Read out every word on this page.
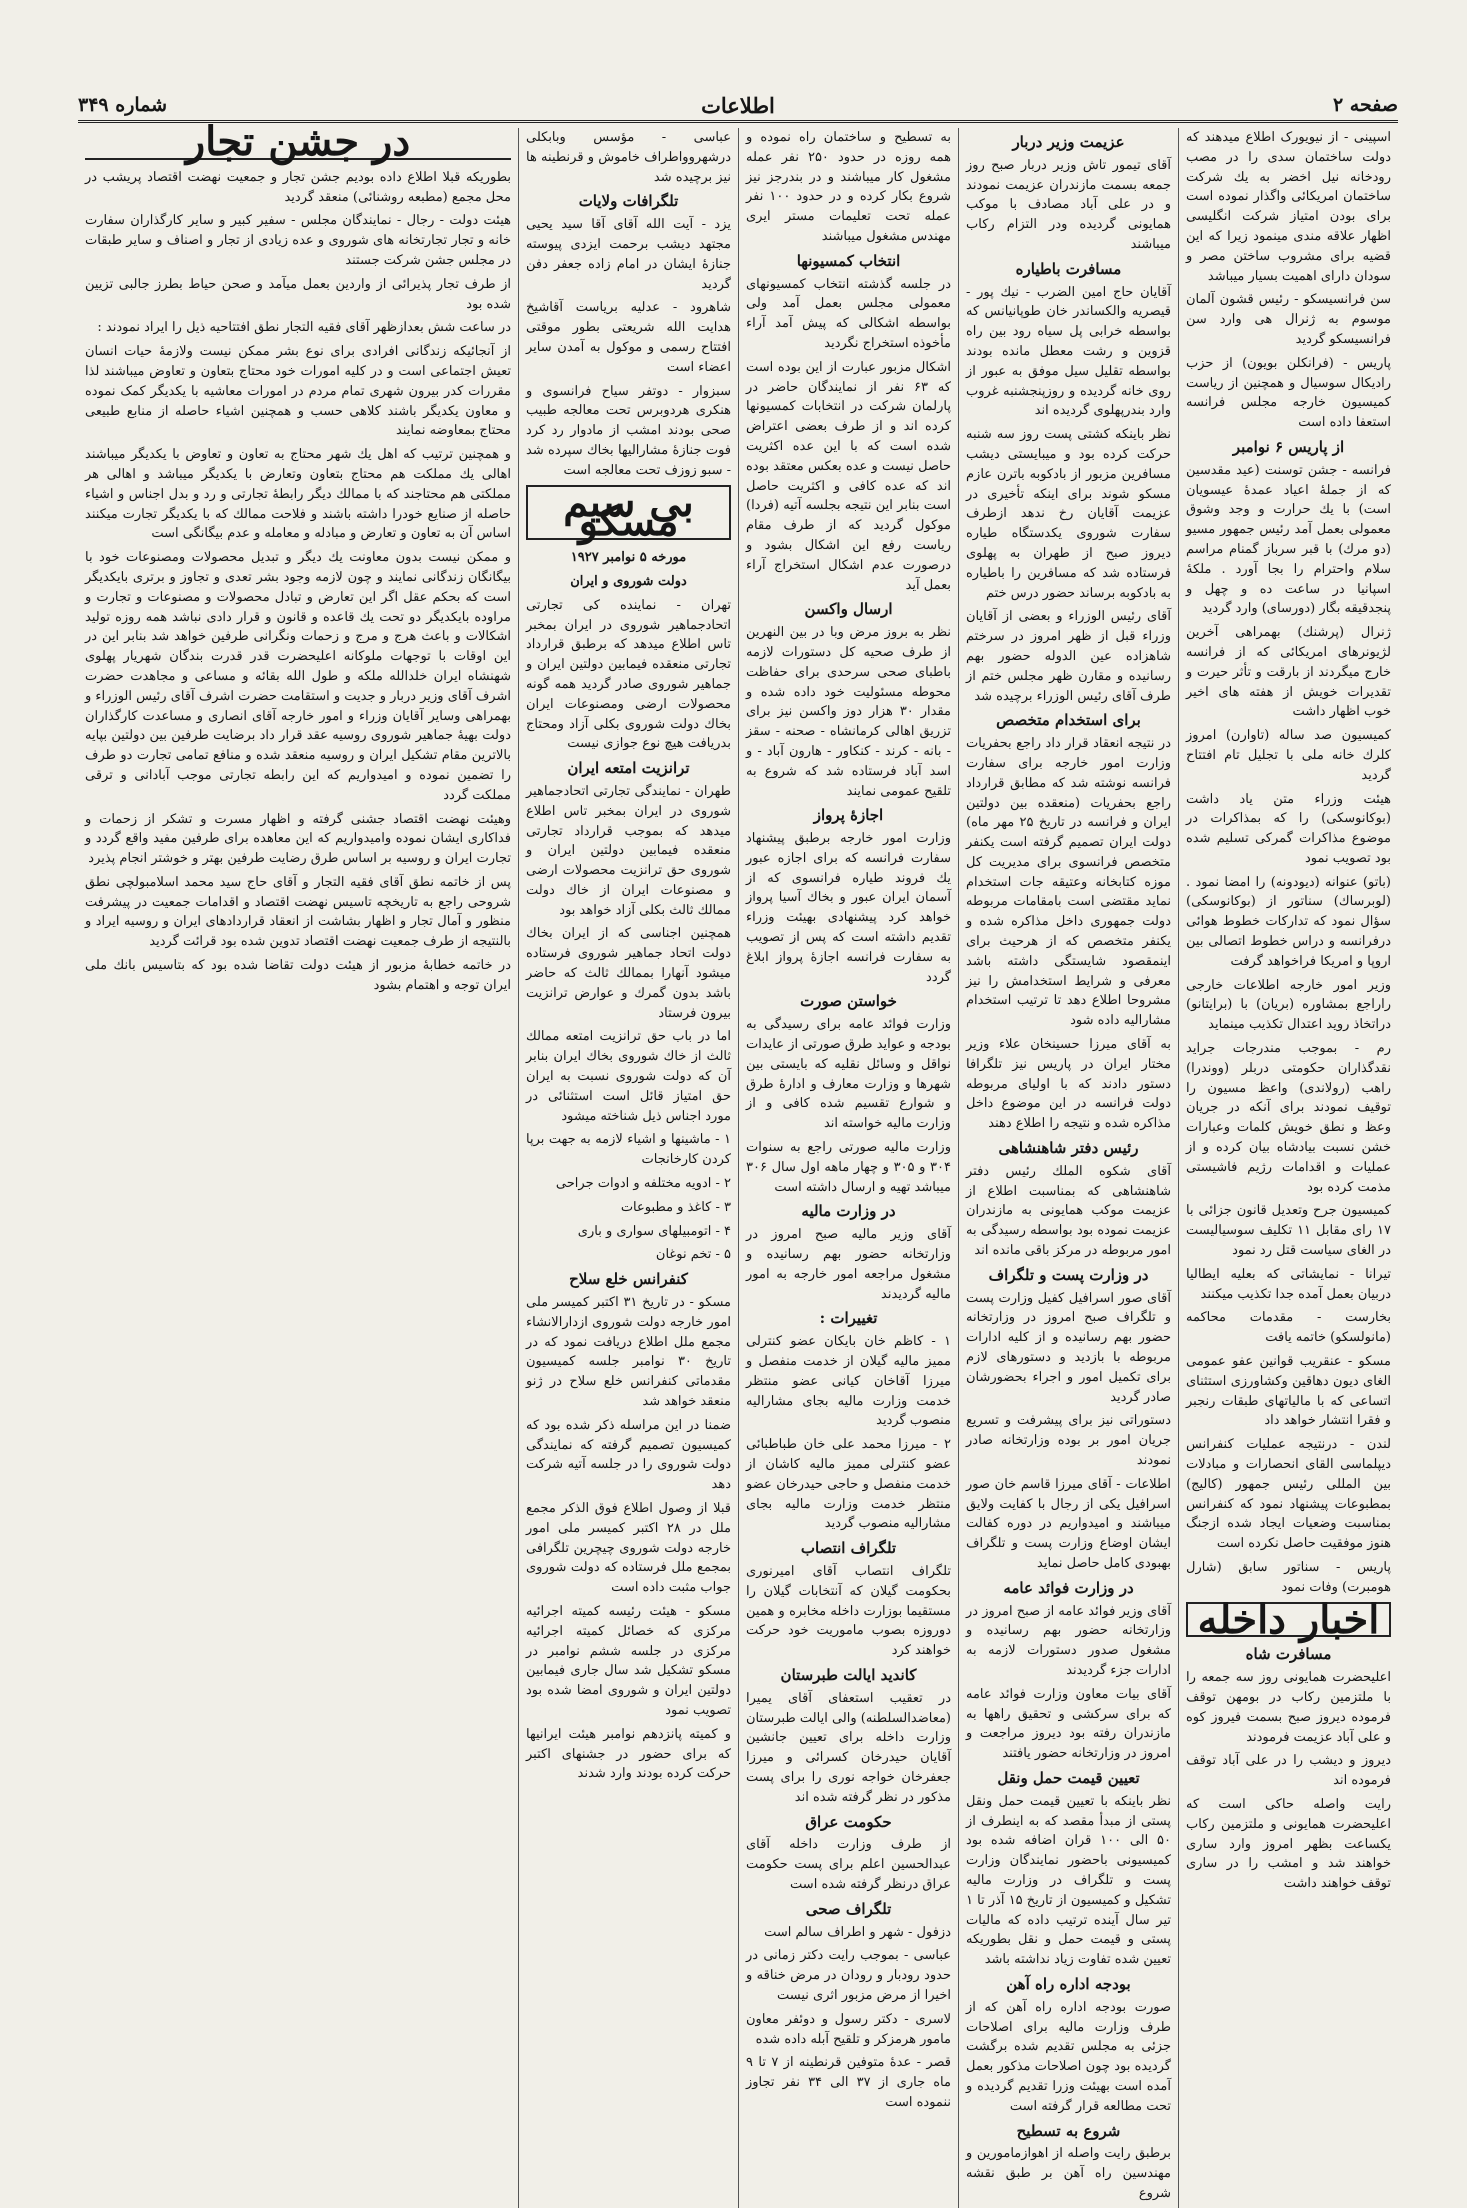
صفحه ۲
اطلاعات
شماره ۳۴۹

اسپینی - از نیویورک اطلاع میدهند که دولت ساختمان سدی را در مصب رودخانه نیل اخضر به یك شرکت ساختمان امریکائی واگذار نموده است برای بودن امتیاز شرکت انگلیسی اظهار علاقه مندی مینمود زیرا که این قضیه برای مشروب ساختن مصر و سودان دارای اهمیت بسیار میباشد

سن فرانسیسکو - رئیس قشون آلمان موسوم به ژنرال هی وارد سن فرانسیسکو گردید

پاریس - (فرانکلن بویون) از حزب رادیکال سوسیال و همچنین از ریاست کمیسیون خارجه مجلس فرانسه استعفا داده است

از پاریس ۶ نوامبر

فرانسه - جشن توسنت (عید مقدسین که از جملهٔ اعیاد عمدهٔ عیسویان است) با یك حرارت و وجد وشوق معمولی بعمل آمد رئیس جمهور مسیو (دو مرك) با قبر سرباز گمنام مراسم سلام واحترام را بجا آورد . ملکهٔ اسپانیا در ساعت ده و چهل و پنجدقیقه بگار (دورسای) وارد گردید

ژنرال (پرشنك) بهمراهی آخرین لژیونرهای امریکائی که از فرانسه خارج میگردند از بارقت و تأثر حیرت و تقدیرات خویش از هفته های اخیر خوب اظهار داشت

کمیسیون صد ساله (تاوارن) امروز کلرك خانه ملی با تجلیل تام افتتاح گردید

هیئت وزراء متن یاد داشت (بوکانوسکی) را که بمذاکرات در موضوع مذاکرات گمرکی تسلیم شده بود تصویب نمود

(باتو) عنوانه (دیودونه) را امضا نمود . (لوبرساك) سناتور از (بوکانوسکی) سؤال نمود که تدارکات خطوط هوائی درفرانسه و دراس خطوط اتصالی بین اروپا و امریکا فراخواهد گرفت

وزیر امور خارجه اطلاعات خارجی راراجع بمشاوره (بریان) با (برایتانو) دراتخاذ روید اعتدال تکذیب مینماید

رم - بموجب مندرجات جراید نقدگذاران حکومتی دربلر (ووندرا) راهب (رولاندی) واعظ مسیون را توقیف نمودند برای آنکه در جریان وعظ و نطق خویش کلمات وعبارات خشن نسبت بیادشاه بیان کرده و از عملیات و اقدامات رژیم فاشیستی مذمت کرده بود

کمیسیون جرح وتعدیل قانون جزائی با ۱۷ رای مقابل ۱۱ تکلیف سوسیالیست در الغای سیاست قتل رد نمود

تیرانا - نمایشاتی که بعلیه ایطالیا دربیان بعمل آمده جدا تکذیب میکنند

بخارست - مقدمات محاکمه (مانولسکو) خاتمه یافت

مسکو - عنقریب قوانین عفو عمومی الغای دیون دهاقین وکشاورزی استثنای اتساعی که با مالیاتهای طبقات رنجبر و فقرا انتشار خواهد داد

لندن - درنتیجه عملیات کنفرانس دیپلماسی القای انحصارات و مبادلات بین المللی رئیس جمهور (کالیج) بمطبوعات پیشنهاد نمود که کنفرانس بمناسبت وضعیات ایجاد شده ازجنگ هنوز موفقیت حاصل نکرده است

پاریس - سناتور سابق (شارل هومبرت) وفات نمود

اخبار داخله
مسافرت شاه

اعلیحضرت همایونی روز سه جمعه را با ملتزمین رکاب در بومهن توقف فرموده دیروز صبح بسمت فیروز کوه و علی آباد عزیمت فرمودند

دیروز و دیشب را در علی آباد توقف فرموده اند

رایت واصله حاکی است که اعلیحضرت همایونی و ملتزمین رکاب یکساعت بظهر امروز وارد ساری خواهند شد و امشب را در ساری توقف خواهند داشت

عزیمت وزیر دربار

آقای تیمور تاش وزیر دربار صبح روز جمعه بسمت مازندران عزیمت نمودند و در علی آباد مصادف با موکب همایونی گردیده ودر التزام رکاب میباشند

مسافرت باطیاره

آقایان حاج امین الضرب - نیك پور - قیصریه والکساندر خان طوپانیانس که بواسطه خرابی پل سیاه رود بین راه قزوین و رشت معطل مانده بودند بواسطه تقلیل سیل موفق به عبور از روی خانه گردیده و روزپنجشنبه غروب وارد بندرپهلوی گردیده اند

نظر باینکه کشتی پست روز سه شنبه حرکت کرده بود و میبایستی دیشب مسافرین مزبور از بادکوبه باترن عازم مسکو شوند برای اینکه تأخیری در عزیمت آقایان رخ ندهد ازطرف سفارت شوروی یکدستگاه طیاره دیروز صبح از طهران به پهلوی فرستاده شد که مسافرین را باطیاره به بادکوبه برساند حضور درس ختم

آقای رئیس الوزراء و بعضی از آقایان وزراء قبل از ظهر امروز در سرختم شاهزاده عین الدوله حضور بهم رسانیده و مقارن ظهر مجلس ختم از طرف آقای رئیس الوزراء برچیده شد

برای استخدام متخصص

در نتیجه انعقاد قرار داد راجع بحفریات وزارت امور خارجه برای سفارت فرانسه نوشته شد که مطابق قرارداد راجع بحفریات (منعقده بین دولتین ایران و فرانسه در تاریخ ۲۵ مهر ماه) دولت ایران تصمیم گرفته است یکنفر متخصص فرانسوی برای مدیریت کل موزه کتابخانه وعتیقه جات استخدام نماید مقتضی است بامقامات مربوطه دولت جمهوری داخل مذاکره شده و یکنفر متخصص که از هرحیث برای اینمقصود شایستگی داشته باشد معرفی و شرایط استخدامش را نیز مشروحا اطلاع دهد تا ترتیب استخدام مشارالیه داده شود

به آقای میرزا حسینخان علاء وزیر مختار ایران در پاریس نیز تلگرافا دستور دادند که با اولیای مربوطه دولت فرانسه در این موضوع داخل مذاکره شده و نتیجه را اطلاع دهند

رئیس دفتر شاهنشاهی

آقای شکوه الملك رئیس دفتر شاهنشاهی که بمناسبت اطلاع از عزیمت موکب همایونی به مازندران عزیمت نموده بود بواسطه رسیدگی به امور مربوطه در مرکز باقی مانده اند

در وزارت پست و تلگراف

آقای صور اسرافیل کفیل وزارت پست و تلگراف صبح امروز در وزارتخانه حضور بهم رسانیده و از کلیه ادارات مربوطه با بازدید و دستورهای لازم برای تکمیل امور و اجراء بحضورشان صادر گردید

دستوراتی نیز برای پیشرفت و تسریع جریان امور بر بوده وزارتخانه صادر نمودند

اطلاعات - آقای میرزا قاسم خان صور اسرافیل یکی از رجال با کفایت ولایق میباشند و امیدواریم در دوره کفالت ایشان اوضاع وزارت پست و تلگراف بهبودی کامل حاصل نماید

در وزارت فوائد عامه

آقای وزیر فوائد عامه از صبح امروز در وزارتخانه حضور بهم رسانیده و مشغول صدور دستورات لازمه به ادارات جزء گردیدند

آقای بیات معاون وزارت فوائد عامه که برای سرکشی و تحقیق راهها به مازندران رفته بود دیروز مراجعت و امروز در وزارتخانه حضور یافتند

تعیین قیمت حمل ونقل

نظر باینکه با تعیین قیمت حمل ونقل پستی از مبدأ مقصد که به اینطرف از ۵۰ الی ۱۰۰ قران اضافه شده بود کمیسیونی باحضور نمایندگان وزارت پست و تلگراف در وزارت مالیه تشکیل و کمیسیون از تاریخ ۱۵ آذر تا ۱ تیر سال آینده ترتیب داده که مالیات پستی و قیمت حمل و نقل بطوریکه تعیین شده تفاوت زیاد نداشته باشد

بودجه اداره راه آهن

صورت بودجه اداره راه آهن که از طرف وزارت مالیه برای اصلاحات جزئی به مجلس تقدیم شده برگشت گردیده بود چون اصلاحات مذکور بعمل آمده است بهیئت وزرا تقدیم گردیده و تحت مطالعه قرار گرفته است

شروع به تسطیح

برطبق رایت واصله از اهوازمامورین و مهندسین راه آهن بر طبق نقشه شروع

به تسطیح و ساختمان راه نموده و همه روزه در حدود ۲۵۰ نفر عمله مشغول کار میباشند و در بندرجز نیز شروع بکار کرده و در حدود ۱۰۰ نفر عمله تحت تعلیمات مستر ایری مهندس مشغول میباشند

انتخاب کمسیونها

در جلسه گذشته انتخاب کمسیونهای معمولی مجلس بعمل آمد ولی بواسطه اشکالی که پیش آمد آراء مأخوذه استخراج نگردید

اشکال مزبور عبارت از این بوده است که ۶۳ نفر از نمایندگان حاضر در پارلمان شرکت در انتخابات کمسیونها کرده اند و از طرف بعضی اعتراض شده است که با این عده اکثریت حاصل نیست و عده بعکس معتقد بوده اند که عده کافی و اکثریت حاصل است بنابر این نتیجه بجلسه آتیه (فردا) موکول گردید که از طرف مقام ریاست رفع این اشکال بشود و درصورت عدم اشکال استخراج آراء بعمل آید

ارسال واکسن

نظر به بروز مرض وبا در بین النهرین از طرف صحیه کل دستورات لازمه باطبای صحی سرحدی برای حفاظت محوطه مسئولیت خود داده شده و مقدار ۳۰ هزار دوز واکسن نیز برای تزریق اهالی کرمانشاه - صحنه - سقز - بانه - کرند - کنکاور - هارون آباد - و اسد آباد فرستاده شد که شروع به تلقیح عمومی نمایند

اجازهٔ پرواز

وزارت امور خارجه برطبق پیشنهاد سفارت فرانسه که برای اجازه عبور یك فروند طیاره فرانسوی که از آسمان ایران عبور و بخاك آسیا پرواز خواهد کرد پیشنهادی بهیئت وزراء تقدیم داشته است که پس از تصویب به سفارت فرانسه اجازهٔ پرواز ابلاغ گردد

خواستن صورت

وزارت فوائد عامه برای رسیدگی به بودجه و عواید طرق صورتی از عایدات نواقل و وسائل نقلیه که بایستی بین شهرها و وزارت معارف و ادارهٔ طرق و شوارع تقسیم شده کافی و از وزارت مالیه خواسته اند

وزارت مالیه صورتی راجع به سنوات ۳۰۴ و ۳۰۵ و چهار ماهه اول سال ۳۰۶ میباشد تهیه و ارسال داشته است

در وزارت مالیه

آقای وزیر مالیه صبح امروز در وزارتخانه حضور بهم رسانیده و مشغول مراجعه امور خارجه به امور مالیه گردیدند

تغییرات :

۱ - کاظم خان بایکان عضو کنترلی ممیز مالیه گیلان از خدمت منفصل و میرزا آقاخان کیانی عضو منتظر خدمت وزارت مالیه بجای مشارالیه منصوب گردید

۲ - میرزا محمد علی خان طباطبائی عضو کنترلی ممیز مالیه کاشان از خدمت منفصل و حاجی حیدرخان عضو منتظر خدمت وزارت مالیه بجای مشارالیه منصوب گردید

تلگراف انتصاب

تلگراف انتصاب آقای امیرنوری بحکومت گیلان که آنتخابات گیلان را مستقیما بوزارت داخله مخابره و همین دوروزه بصوب ماموریت خود حرکت خواهند کرد

کاندید ایالت طبرستان

در تعقیب استعفای آقای یمیرا (معاضدالسلطنه) والی ایالت طبرستان وزارت داخله برای تعیین جانشین آقایان حیدرخان کسرائی و میرزا جعفرخان خواجه نوری را برای پست مذکور در نظر گرفته شده اند

حکومت عراق

از طرف وزارت داخله آقای عبدالحسین اعلم برای پست حکومت عراق درنظر گرفته شده است

تلگراف صحی

دزفول - شهر و اطراف سالم است

عباسی - بموجب رایت دکتر زمانی در حدود رودبار و رودان در مرض خناقه و اخیرا از مرض مزبور اثری نیست

لاسری - دکتر رسول و دوئفر معاون مامور هرمزکر و تلقیح آبله داده شده

قصر - عدهٔ متوفین قرنطینه از ۷ تا ۹ ماه جاری از ۳۷ الی ۳۴ نفر تجاوز ننموده است

عباسی - مؤسس وبابکلی درشهروواطراف خاموش و قرنطینه ها نیز برچیده شد

تلگرافات ولایات

یزد - آیت الله آقای آقا سید یحیی مجتهد دیشب برحمت ایزدی پیوسته جنازهٔ ایشان در امام زاده جعفر دفن گردید

شاهرود - عدلیه بریاست آقاشیخ هدایت الله شریعتی بطور موقتی افتتاح رسمی و موکول به آمدن سایر اعضاء است

سبزوار - دوتفر سیاح فرانسوی و هنکری هردوبرس تحت معالجه طبیب صحی بودند امشب از مادوار رد کرد فوت جنازهٔ مشارالیها بخاك سپرده شد - سبو زوزف تحت معالجه است

بی سیم مسکو
مورخه ۵ نوامبر ۱۹۲۷
دولت شوروی و ایران

تهران - نماینده کی تجارتی اتحادجماهیر شوروی در ایران بمخبر تاس اطلاع میدهد که برطبق قرارداد تجارتی منعقده فیمابین دولتین ایران و جماهیر شوروی صادر گردید همه گونه محصولات ارضی ومصنوعات ایران بخاك دولت شوروی بکلی آزاد ومحتاج بدریافت هیچ نوع جوازی نیست

ترانزیت امتعه ایران

طهران - نمایندگی تجارتی اتحادجماهیر شوروی در ایران بمخبر تاس اطلاع میدهد که بموجب قرارداد تجارتی منعقده فیمابین دولتین ایران و شوروی حق ترانزیت محصولات ارضی و مصنوعات ایران از خاك دولت ممالك ثالث بکلی آزاد خواهد بود

همچنین اجناسی که از ایران بخاك دولت اتحاد جماهیر شوروی فرستاده میشود آنهارا بممالك ثالث که حاضر باشد بدون گمرك و عوارض ترانزیت بیرون فرستاد

اما در باب حق ترانزیت امتعه ممالك ثالث از خاك شوروی بخاك ایران بنابر آن که دولت شوروی نسبت به ایران حق امتیاز قائل است استثنائی در مورد اجناس ذیل شناخته میشود

۱ - ماشینها و اشیاء لازمه به جهت برپا کردن کارخانجات

۲ - ادویه مختلفه و ادوات جراحی

۳ - کاغذ و مطبوعات

۴ - اتومبیلهای سواری و باری

۵ - تخم نوغان

کنفرانس خلع سلاح

مسکو - در تاریخ ۳۱ اکتبر کمیسر ملی امور خارجه دولت شوروی ازدارالانشاء مجمع ملل اطلاع دریافت نمود که در تاریخ ۳۰ نوامبر جلسه کمیسیون مقدماتی کنفرانس خلع سلاح در ژنو منعقد خواهد شد

ضمنا در این مراسله ذکر شده بود که کمیسیون تصمیم گرفته که نمایندگی دولت شوروی را در جلسه آتیه شرکت دهد

قبلا از وصول اطلاع فوق الذکر مجمع ملل در ۲۸ اکتبر کمیسر ملی امور خارجه دولت شوروی چیچرین تلگرافی بمجمع ملل فرستاده که دولت شوروی جواب مثبت داده است

مسکو - هیئت رئیسه کمیته اجرائیه مرکزی که خصائل کمیته اجرائیه مرکزی در جلسه ششم نوامبر در مسکو تشکیل شد سال جاری فیمابین دولتین ایران و شوروی امضا شده بود تصویب نمود

و کمیته پانزدهم نوامبر هیئت ایرانیها که برای حضور در جشنهای اکتبر حرکت کرده بودند وارد شدند

در جشن تجار

بطوریکه قبلا اطلاع داده بودیم جشن تجار و جمعیت نهضت اقتصاد پریشب در محل مجمع (مطبعه روشنائی) منعقد گردید

هیئت دولت - رجال - نمایندگان مجلس - سفیر کبیر و سایر کارگذاران سفارت خانه و تجار تجارتخانه های شوروی و عده زیادی از تجار و اصناف و سایر طبقات در مجلس جشن شرکت جستند

از طرف تجار پذیرائی از واردین بعمل میآمد و صحن حیاط بطرز جالبی تزیین شده بود

در ساعت شش بعدازظهر آقای فقیه التجار نطق افتتاحیه ذیل را ایراد نمودند :

از آنجائیکه زندگانی افرادی برای نوع بشر ممکن نیست ولازمهٔ حیات انسان تعیش اجتماعی است و در کلیه امورات خود محتاج بتعاون و تعاوض میباشند لذا مقررات کدر بیرون شهری تمام مردم در امورات معاشیه با یکدیگر کمک نموده و معاون یکدیگر باشند کلاهی حسب و همچنین اشیاء حاصله از منابع طبیعی محتاج بمعاوضه نمایند

و همچنین ترتیب که اهل یك شهر محتاج به تعاون و تعاوض با یکدیگر میباشند اهالی یك مملکت هم محتاج بتعاون وتعارض با یکدیگر میباشد و اهالی هر مملکتی هم محتاجند که با ممالك دیگر رابطهٔ تجارتی و رد و بدل اجناس و اشیاء حاصله از صنایع خودرا داشته باشند و فلاحت ممالك که با یکدیگر تجارت میکنند اساس آن به تعاون و تعارض و مبادله و معامله و عدم بیگانگی است

و ممکن نیست بدون معاونت یك دیگر و تبدیل محصولات ومصنوعات خود با بیگانگان زندگانی نمایند و چون لازمه وجود بشر تعدی و تجاوز و برتری بایکدیگر است که بحکم عقل اگر این تعارض و تبادل محصولات و مصنوعات و تجارت و مراوده بایکدیگر دو تحت یك قاعده و قانون و قرار دادی نباشد همه روزه تولید اشکالات و باعث هرج و مرج و زحمات ونگرانی طرفین خواهد شد بنابر این در این اوقات با توجهات ملوکانه اعلیحضرت قدر قدرت بندگان شهریار پهلوی شهنشاه ایران خلدالله ملکه و طول الله بقائه و مساعی و مجاهدت حضرت اشرف آقای وزیر دربار و جدیت و استقامت حضرت اشرف آقای رئیس الوزراء و بهمراهی وسایر آقایان وزراء و امور خارجه آقای انصاری و مساعدت کارگذاران دولت بهیهٔ جماهیر شوروی روسیه عقد قرار داد برضایت طرفین بین دولتین بپایه بالاترین مقام تشکیل ایران و روسیه منعقد شده و منافع تمامی تجارت دو طرف را تضمین نموده و امیدواریم که این رابطه تجارتی موجب آبادانی و ترقی مملکت گردد

وهیئت نهضت اقتصاد جشنی گرفته و اظهار مسرت و تشکر از زحمات و فداکاری ایشان نموده وامیدواریم که این معاهده برای طرفین مفید واقع گردد و تجارت ایران و روسیه بر اساس طرق رضایت طرفین بهتر و خوشتر انجام پذیرد

پس از خاتمه نطق آقای فقیه التجار و آقای حاج سید محمد اسلامبولچی نطق شروحی راجع به تاریخچه تاسیس نهضت اقتصاد و اقدامات جمعیت در پیشرفت منظور و آمال تجار و اظهار بشاشت از انعقاد قراردادهای ایران و روسیه ایراد و بالنتیجه از طرف جمعیت نهضت اقتصاد تدوین شده بود قرائت گردید

در خاتمه خطابهٔ مزبور از هیئت دولت تقاضا شده بود که بتاسیس بانك ملی ایران توجه و اهتمام بشود
